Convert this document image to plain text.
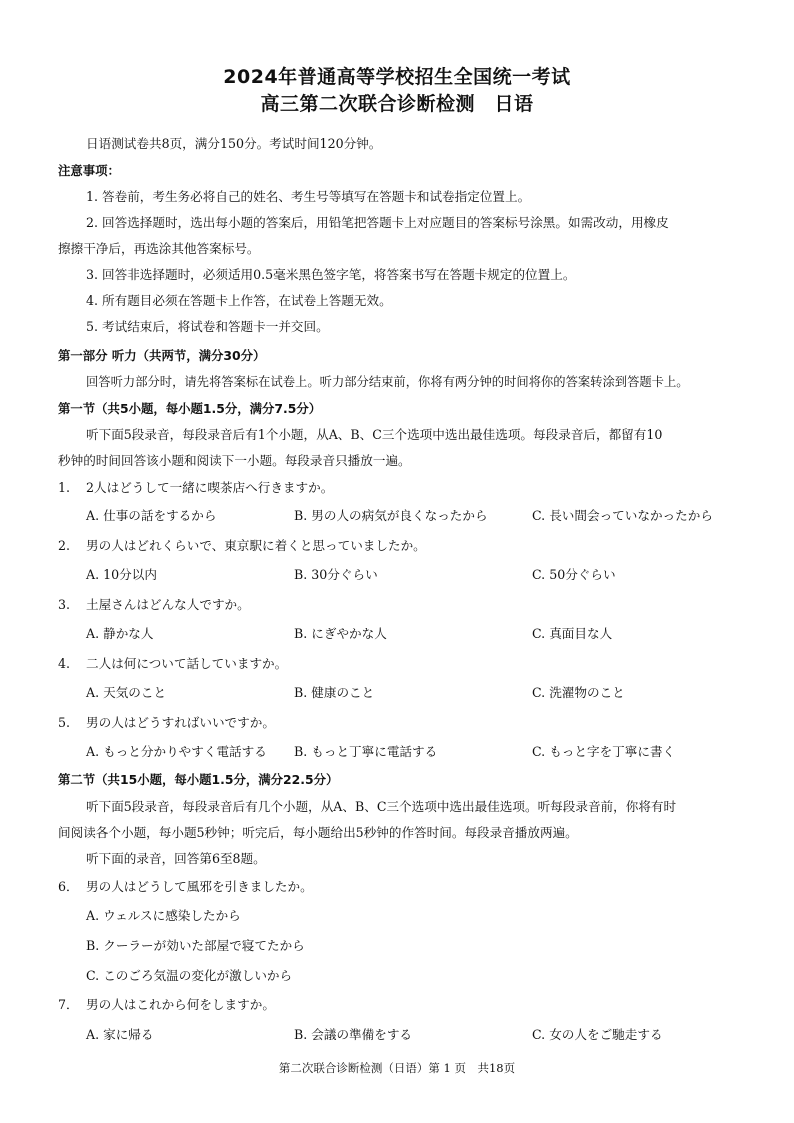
2024年普通高等学校招生全国统一考试
高三第二次联合诊断检测　日语
日语测试卷共8页，满分150分。考试时间120分钟。
注意事项：
1. 答卷前，考生务必将自己的姓名、考生号等填写在答题卡和试卷指定位置上。
2. 回答选择题时，选出每小题的答案后，用铅笔把答题卡上对应题目的答案标号涂黑。如需改动，用橡皮
擦擦干净后，再选涂其他答案标号。
3. 回答非选择题时，必须适用0.5毫米黑色签字笔，将答案书写在答题卡规定的位置上。
4. 所有题目必须在答题卡上作答，在试卷上答题无效。
5. 考试结束后，将试卷和答题卡一并交回。
第一部分 听力（共两节，满分30分）
回答听力部分时，请先将答案标在试卷上。听力部分结束前，你将有两分钟的时间将你的答案转涂到答题卡上。
第一节（共5小题，每小题1.5分，满分7.5分）
听下面5段录音，每段录音后有1个小题，从A、B、C三个选项中选出最佳选项。每段录音后，都留有10
秒钟的时间回答该小题和阅读下一小题。每段录音只播放一遍。
1. 2人はどうして一緒に喫茶店へ行きますか。
A. 仕事の話をするから	B. 男の人の病気が良くなったから	C. 長い間会っていなかったから
2. 男の人はどれくらいで、東京駅に着くと思っていましたか。
A. 10分以内	B. 30分ぐらい	C. 50分ぐらい
3. 土屋さんはどんな人ですか。
A. 静かな人	B. にぎやかな人	C. 真面目な人
4. 二人は何について話していますか。
A. 天気のこと	B. 健康のこと	C. 洗濯物のこと
5. 男の人はどうすればいいですか。
A. もっと分かりやすく電話する B. もっと丁寧に電話する	C. もっと字を丁寧に書く
第二节（共15小题，每小题1.5分，满分22.5分）
听下面5段录音，每段录音后有几个小题，从A、B、C三个选项中选出最佳选项。听每段录音前，你将有时
间阅读各个小题，每小题5秒钟；听完后，每小题给出5秒钟的作答时间。每段录音播放两遍。
听下面的录音，回答第6至8题。
6． 男の人はどうして風邪を引きましたか。
A. ウェルスに感染したから
B. クーラーが効いた部屋で寝てたから
C. このごろ気温の変化が激しいから
7． 男の人はこれから何をしますか。
A. 家に帰る	B. 会議の準備をする	C. 女の人をご馳走する
第二次联合诊断检测（日语）第 1 页　共18页
